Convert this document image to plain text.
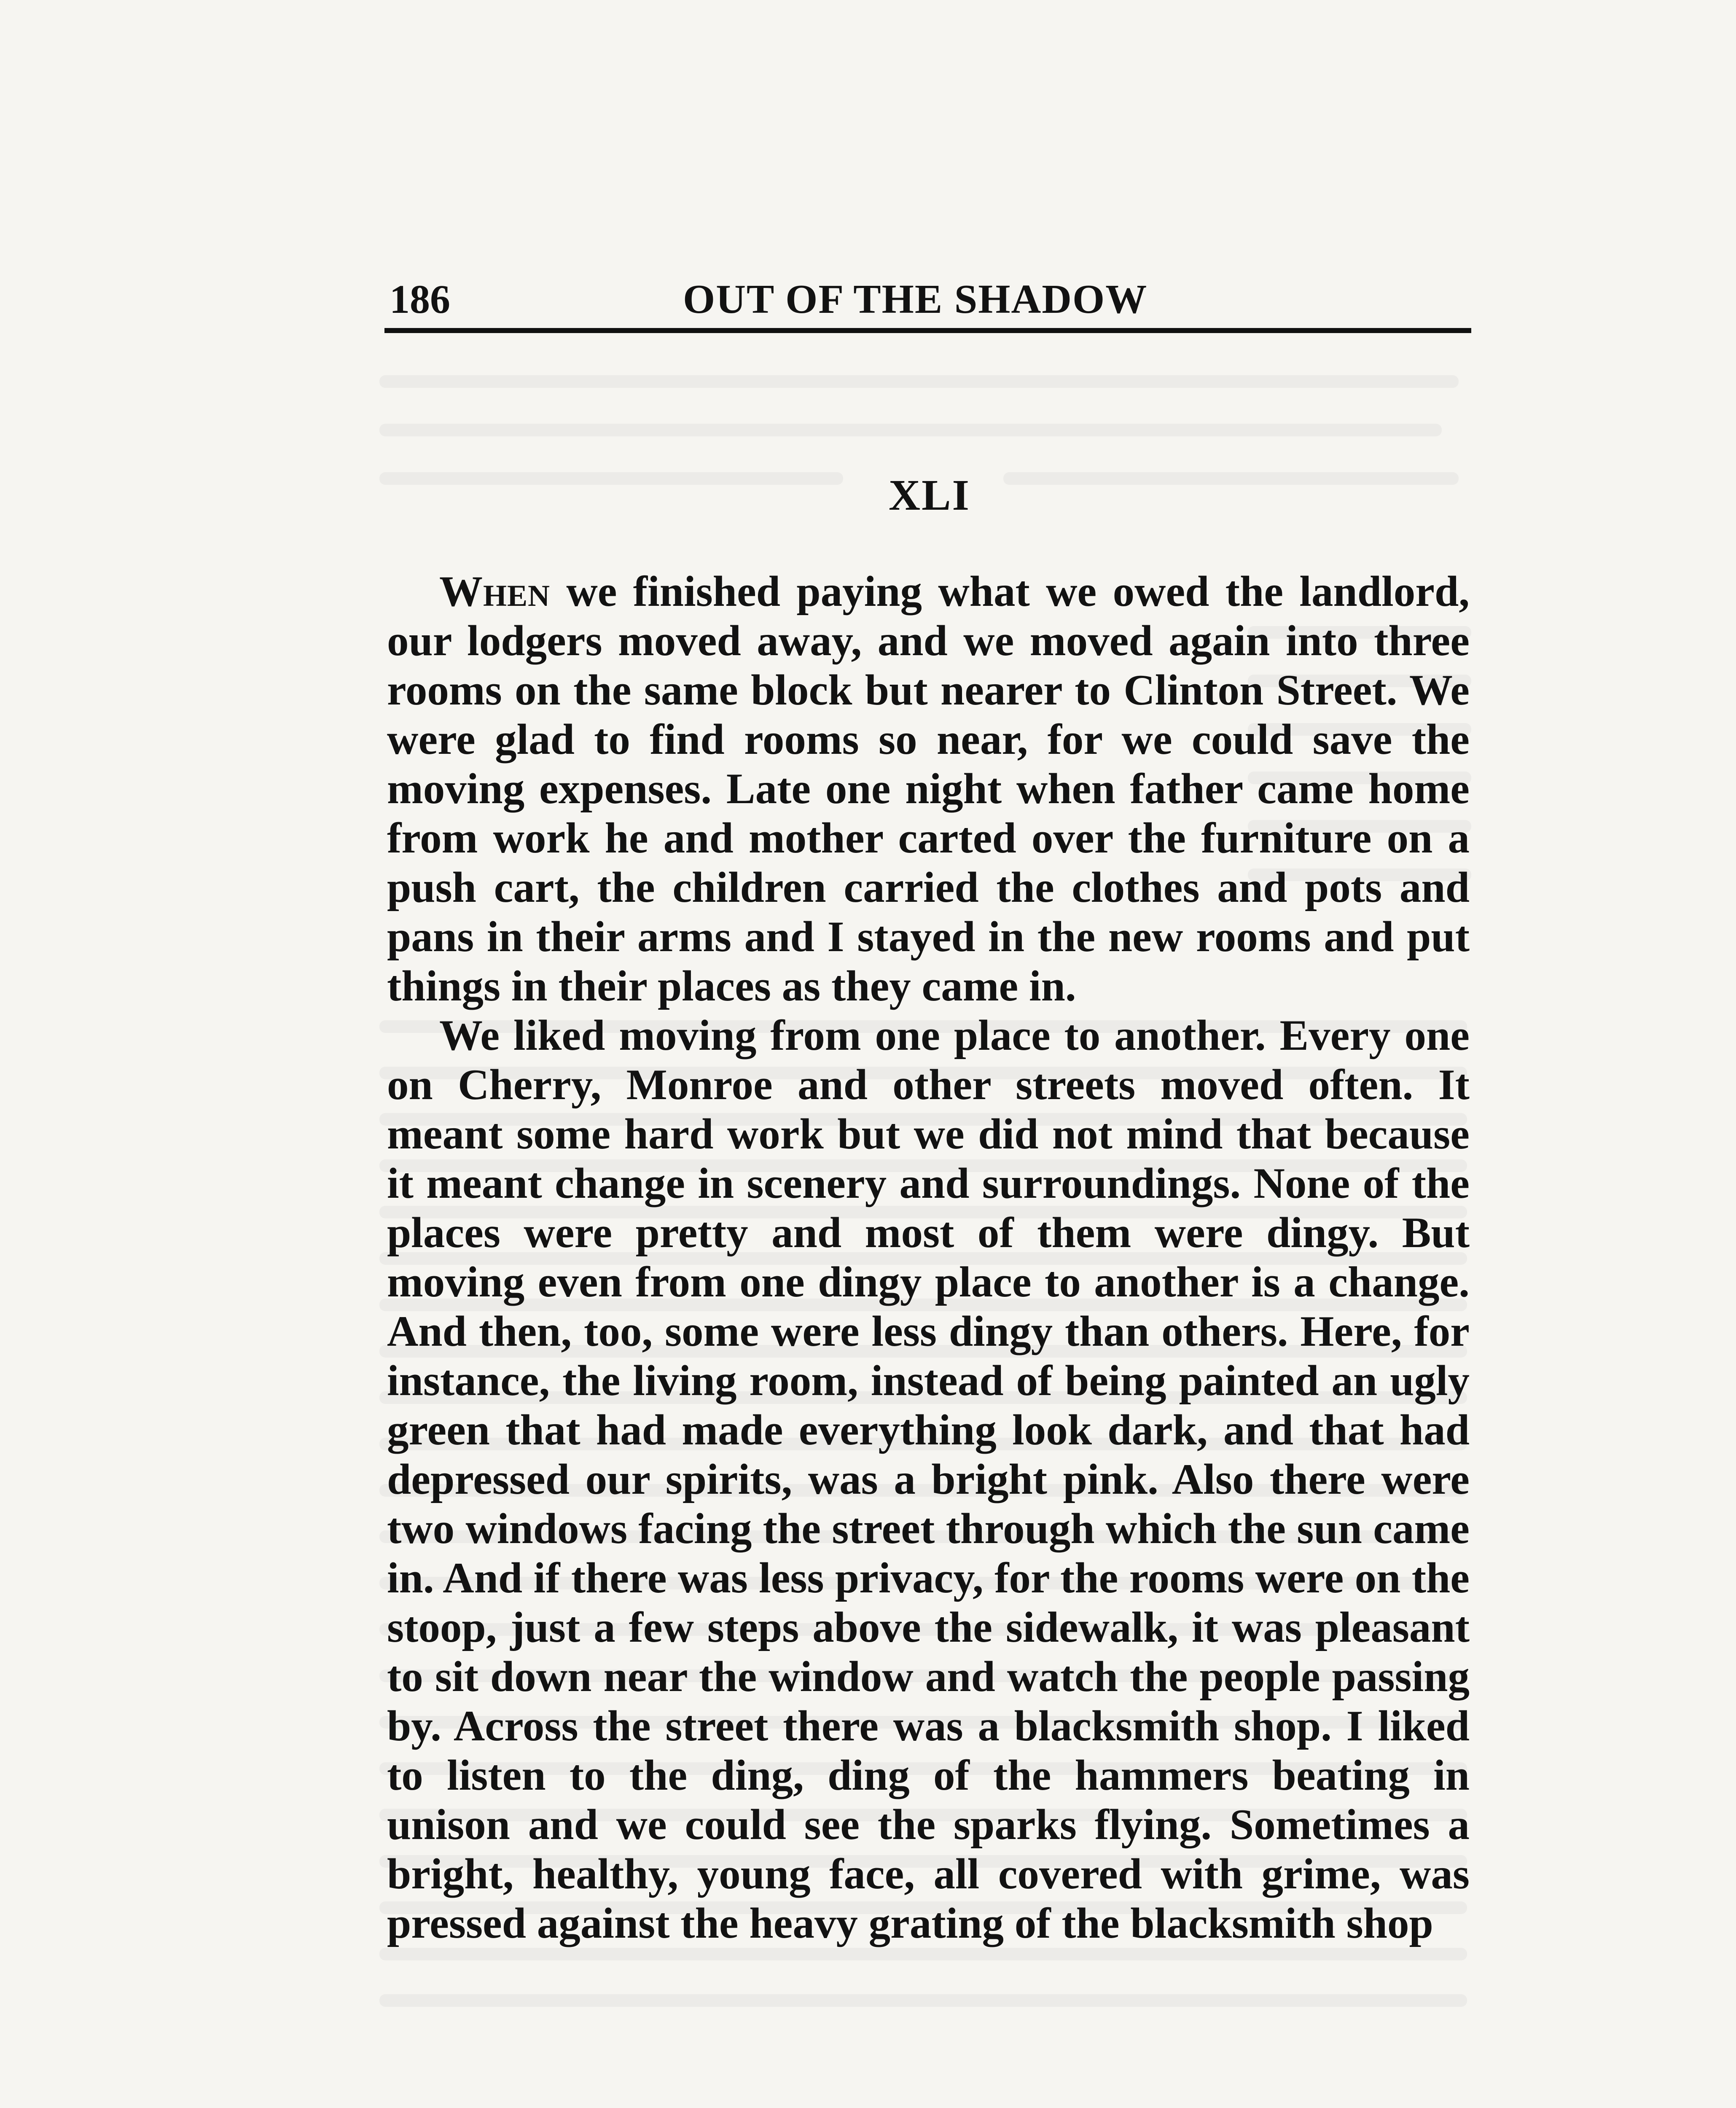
186	OUT OF THE SHADOW
XLI

When we finished paying what we owed the landlord, our lodgers moved away, and we moved again into three rooms on the same block but nearer to Clinton Street. We were glad to find rooms so near, for we could save the moving expenses. Late one night when father came home from work he and mother carted over the furniture on a push cart, the children carried the clothes and pots and pans in their arms and I stayed in the new rooms and put things in their places as they came in.

We liked moving from one place to another. Every one on Cherry, Monroe and other streets moved often. It meant some hard work but we did not mind that because it meant change in scenery and surroundings. None of the places were pretty and most of them were dingy. But moving even from one dingy place to another is a change. And then, too, some were less dingy than others. Here, for instance, the living room, instead of being painted an ugly green that had made everything look dark, and that had depressed our spirits, was a bright pink. Also there were two windows facing the street through which the sun came in. And if there was less privacy, for the rooms were on the stoop, just a few steps above the sidewalk, it was pleasant to sit down near the window and watch the people passing by. Across the street there was a blacksmith shop. I liked to listen to the ding, ding of the hammers beating in unison and we could see the sparks flying. Sometimes a bright, healthy, young face, all covered with grime, was pressed against the heavy grating of the blacksmith shop
